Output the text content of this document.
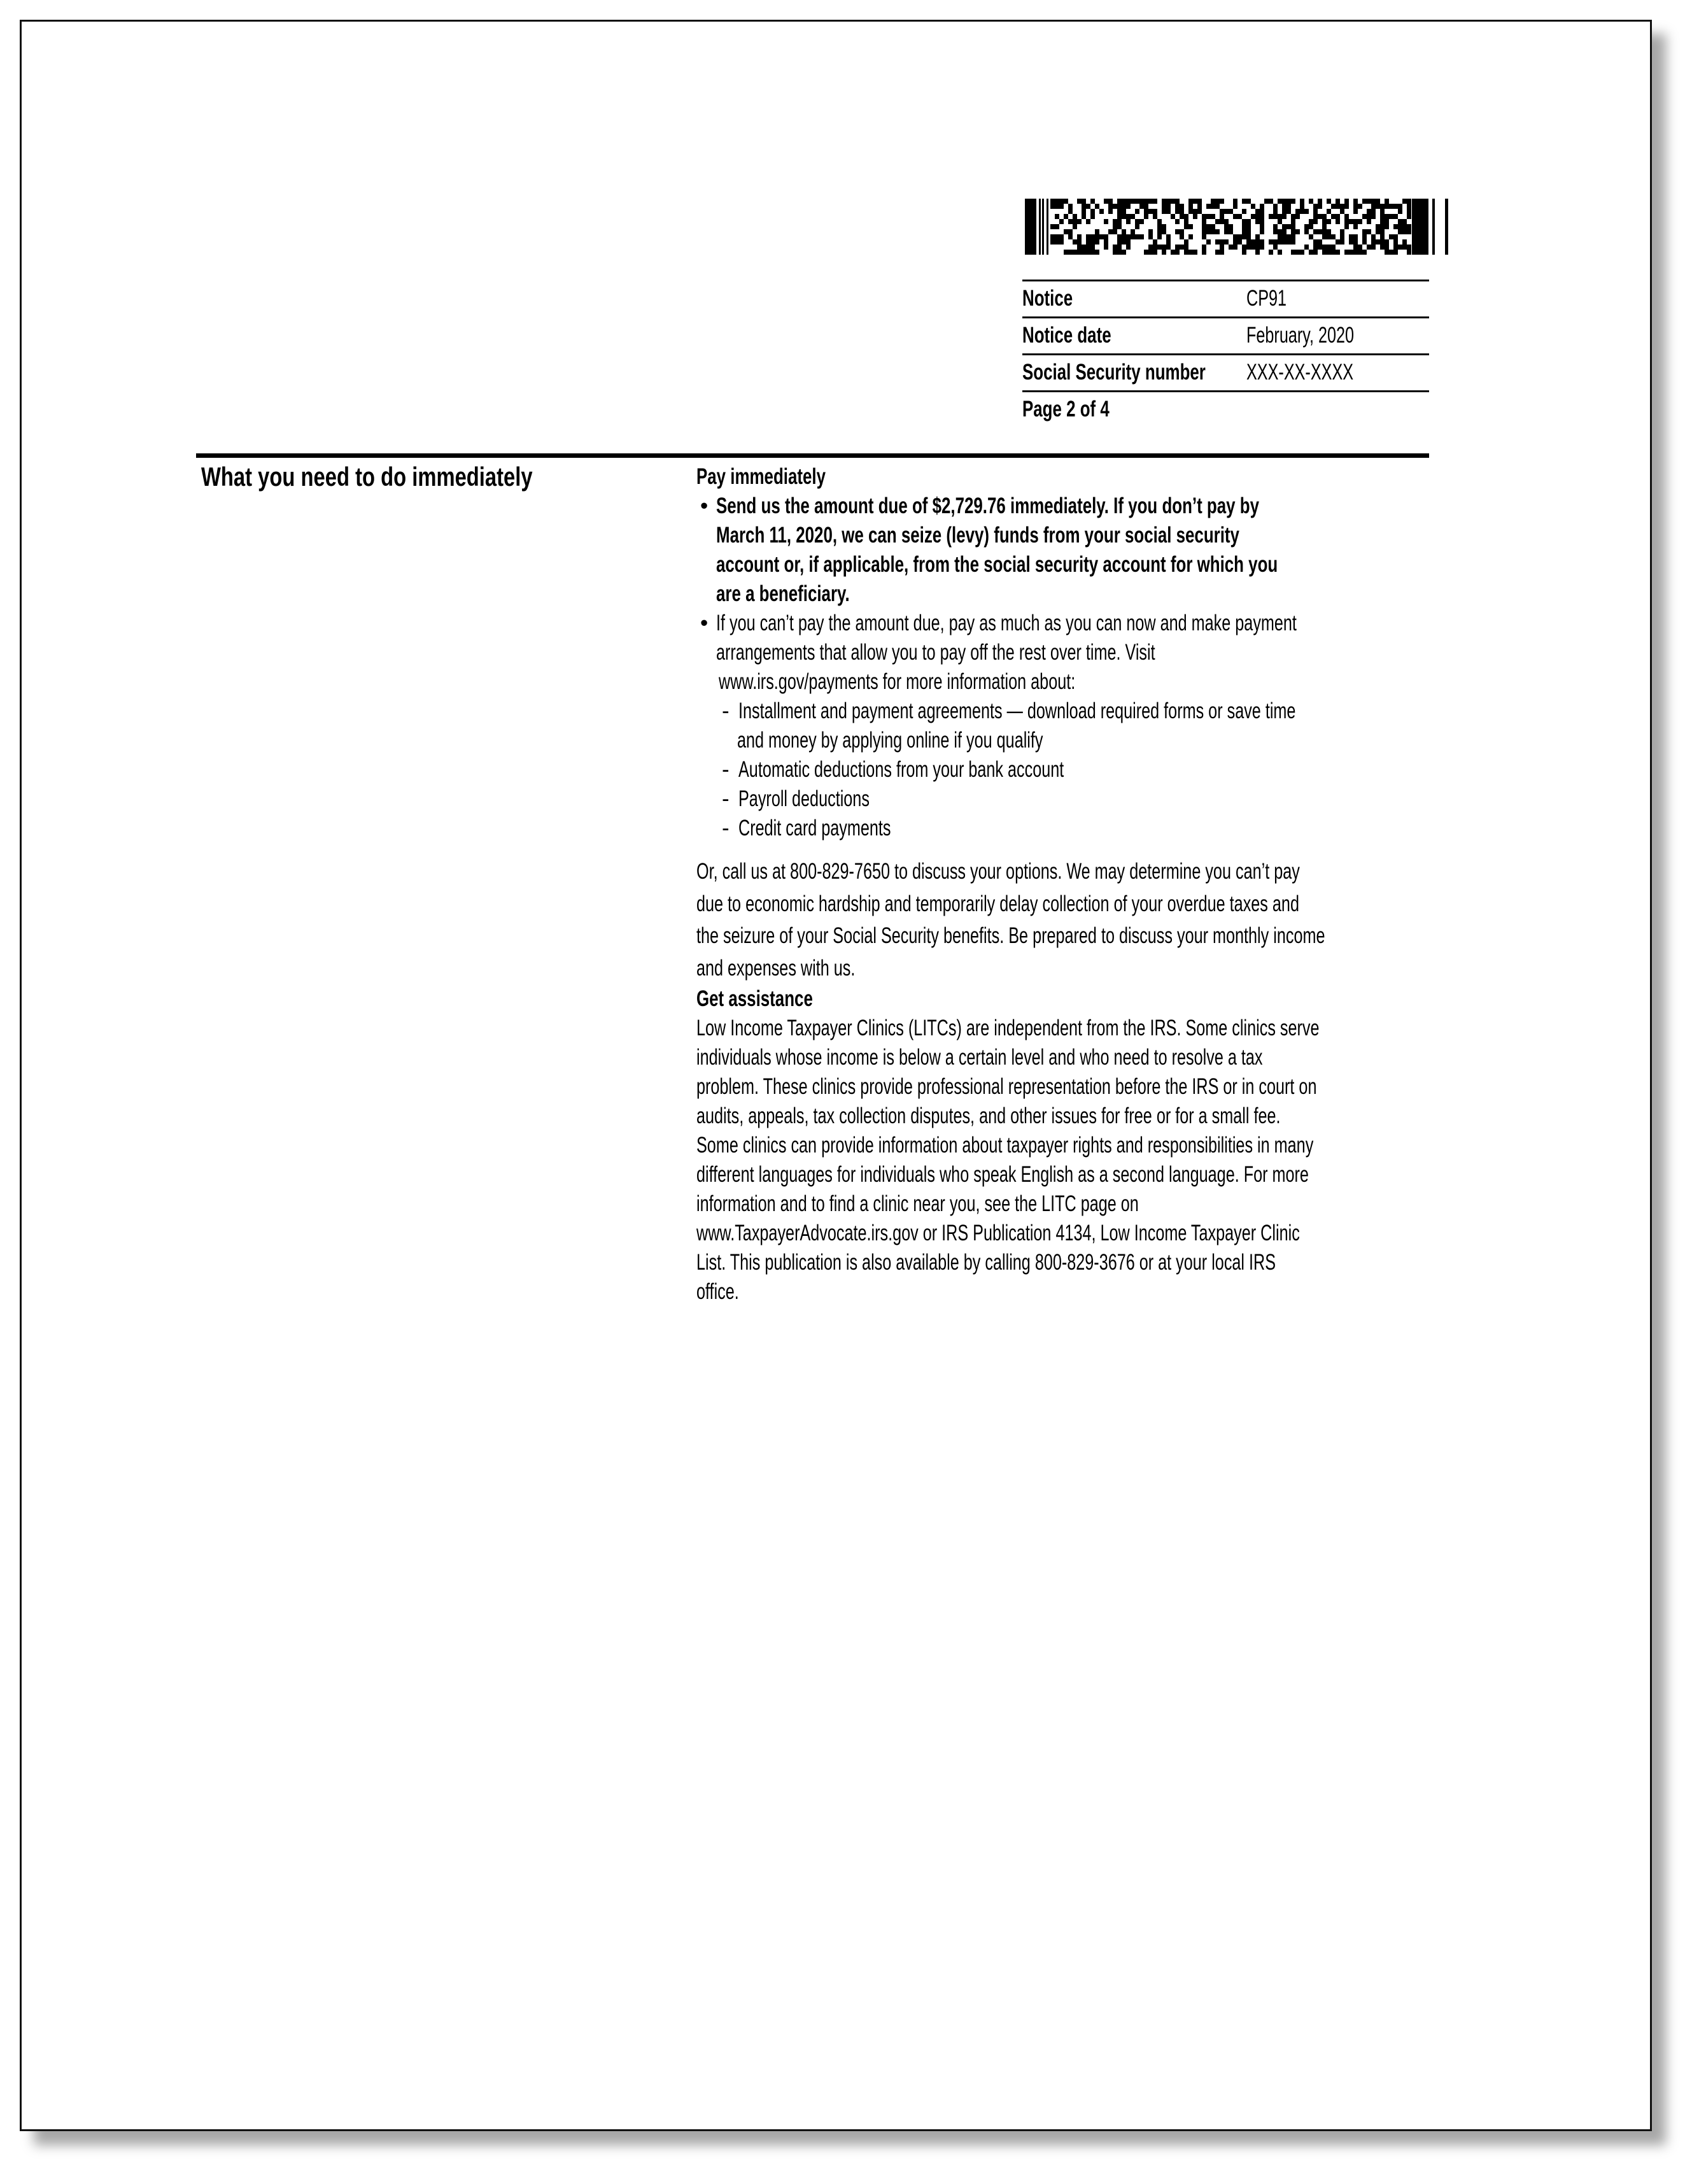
Notice	CP91
Notice date	February, 2020
Social Security number XXX-XX-XXXX
Page 2 of 4
What you need to do immediately	Pay immediately
• Send us the amount due of $2,729.76 immediately. If you don’t pay by
March 11, 2020, we can seize (levy) funds from your social security
account or, if applicable, from the social security account for which you
are a beneficiary.
• If you can’t pay the amount due, pay as much as you can now and make payment
arrangements that allow you to pay off the rest over time. Visit
www.irs.gov/payments for more information about:
- Installment and payment agreements — download required forms or save time
and money by applying online if you qualify
- Automatic deductions from your bank account
- Payroll deductions
- Credit card payments
Or, call us at 800-829-7650 to discuss your options. We may determine you can’t pay
due to economic hardship and temporarily delay collection of your overdue taxes and
the seizure of your Social Security benefits. Be prepared to discuss your monthly income
and expenses with us.
Get assistance
Low Income Taxpayer Clinics (LITCs) are independent from the IRS. Some clinics serve
individuals whose income is below a certain level and who need to resolve a tax
problem. These clinics provide professional representation before the IRS or in court on
audits, appeals, tax collection disputes, and other issues for free or for a small fee.
Some clinics can provide information about taxpayer rights and responsibilities in many
different languages for individuals who speak English as a second language. For more
information and to find a clinic near you, see the LITC page on
www.TaxpayerAdvocate.irs.gov or IRS Publication 4134, Low Income Taxpayer Clinic
List. This publication is also available by calling 800-829-3676 or at your local IRS
office.
